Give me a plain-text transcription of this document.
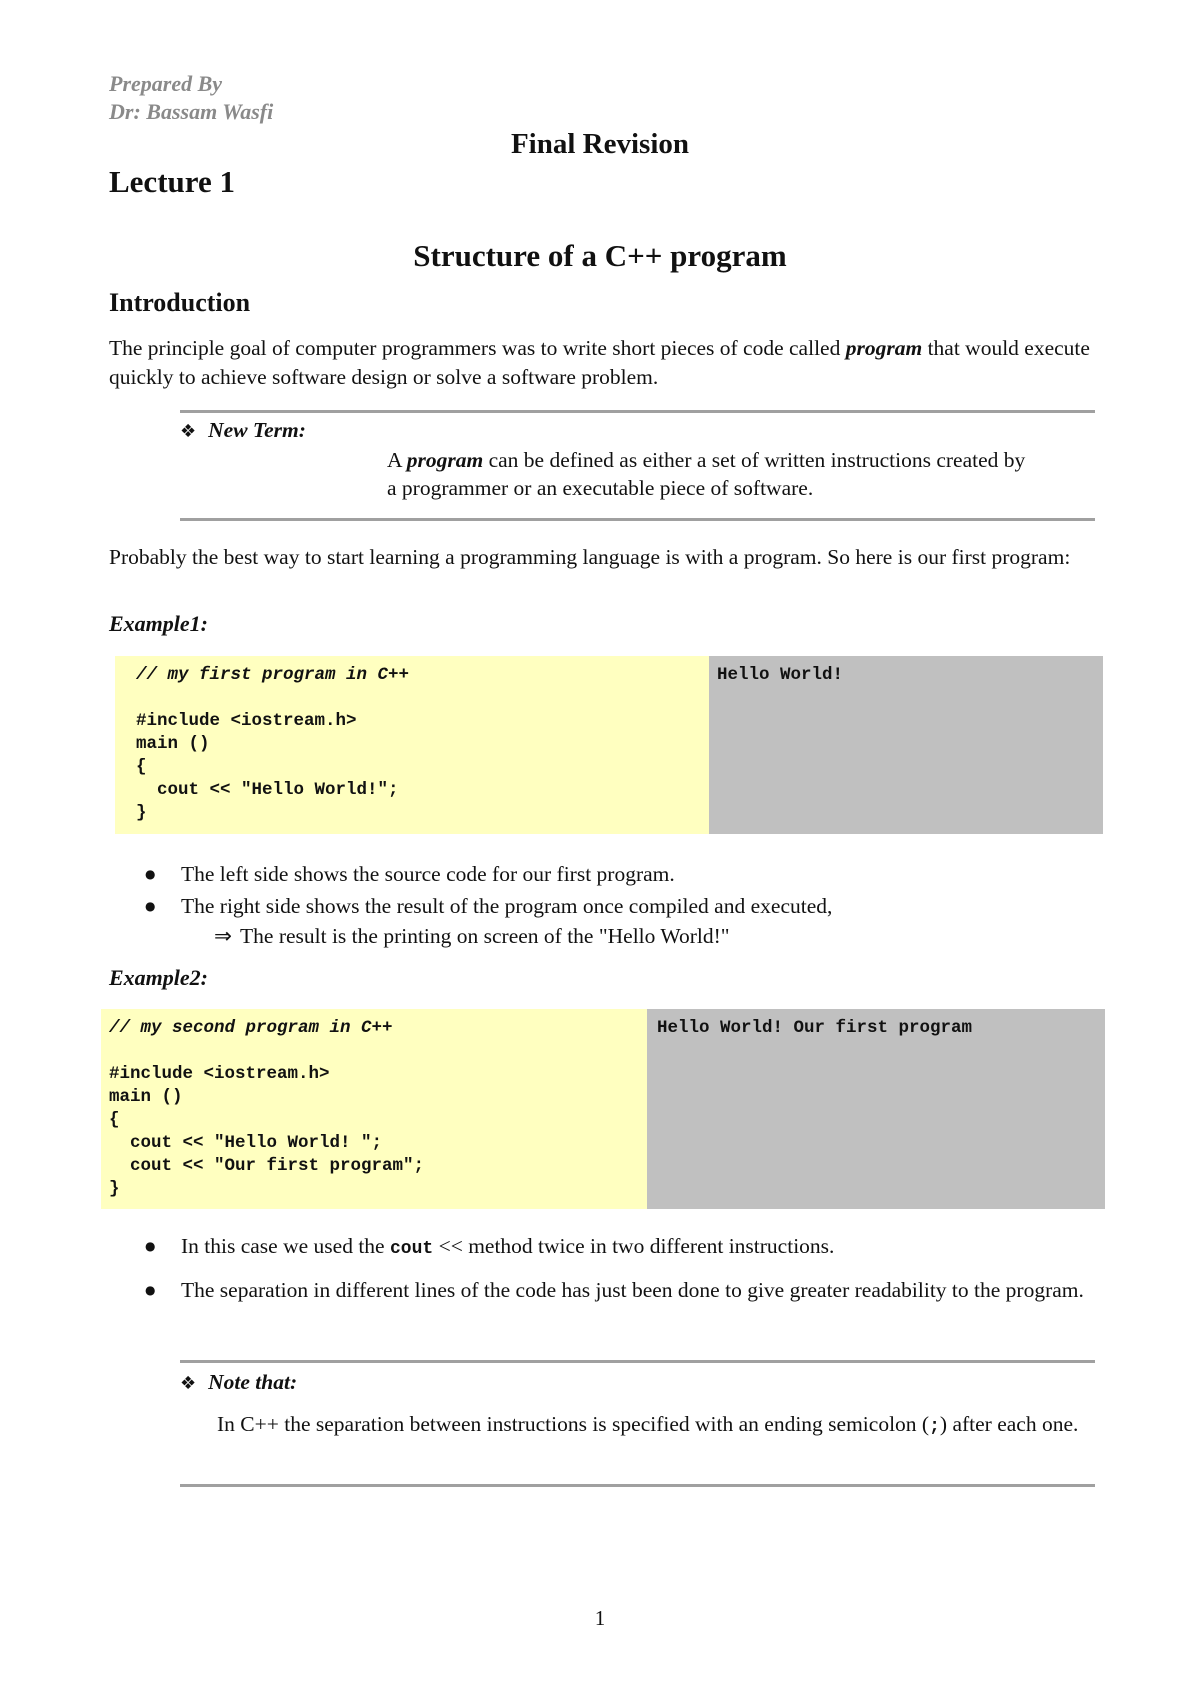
Prepared By
Dr: Bassam Wasfi
Final Revision
Lecture 1
Structure of a C++ program
Introduction
The principle goal of computer programmers was to write short pieces of code called program that would execute quickly to achieve software design or solve a software problem.
❖ New Term:
A program can be defined as either a set of written instructions created by a programmer or an executable piece of software.
Probably the best way to start learning a programming language is with a program. So here is our first program:
Example1:
// my first program in C++

#include <iostream.h>
main ()
{
cout << "Hello World!";
}
Hello World!
● The left side shows the source code for our first program.
● The right side shows the result of the program once compiled and executed,
⇒ The result is the printing on screen of the "Hello World!"
Example2:
// my second program in C++

#include <iostream.h>
main ()
{
cout << "Hello World! ";
cout << "Our first program";
}
Hello World! Our first program
● In this case we used the cout << method twice in two different instructions.
● The separation in different lines of the code has just been done to give greater readability to the program.
❖ Note that:
In C++ the separation between instructions is specified with an ending semicolon (;) after each one.
1
